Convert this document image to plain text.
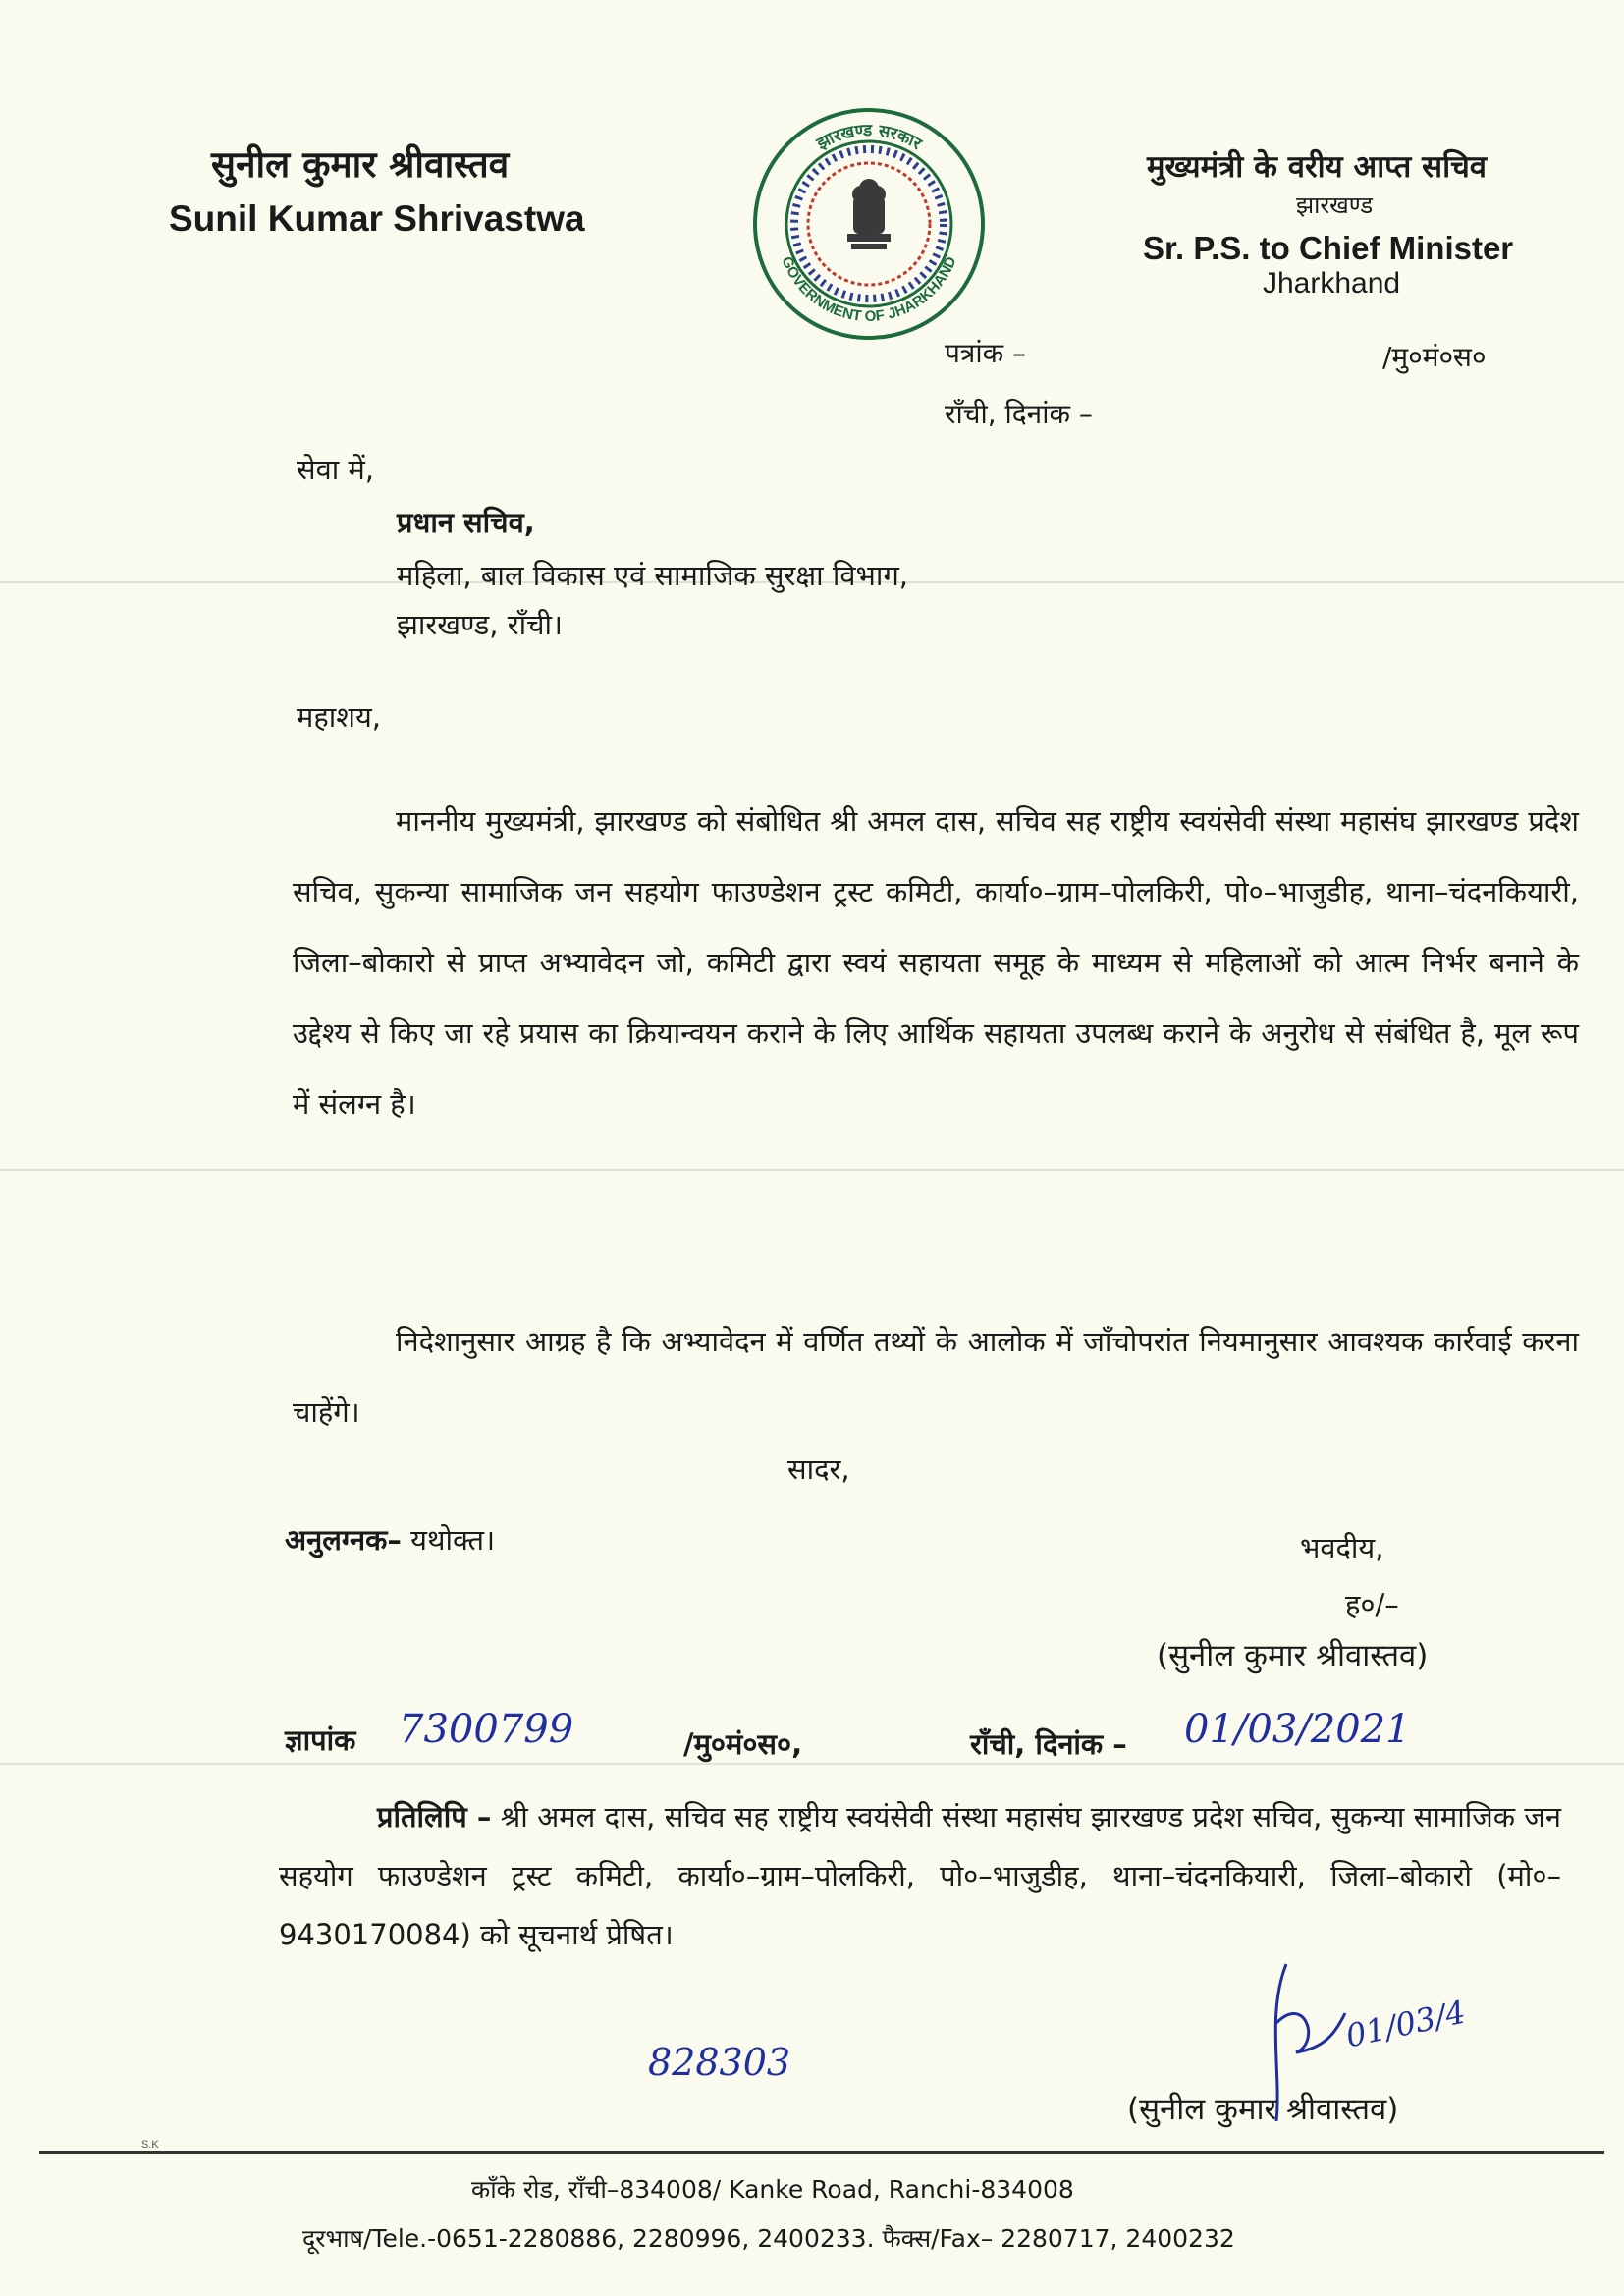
सुनील कुमार श्रीवास्तव
Sunil Kumar Shrivastwa
झारखण्ड सरकार
GOVERNMENT OF JHARKHAND
मुख्यमंत्री के वरीय आप्त सचिव
झारखण्ड
Sr. P.S. to Chief Minister
Jharkhand
पत्रांक –	/मु०मं०स०
राँची, दिनांक –
सेवा में,
प्रधान सचिव,
महिला, बाल विकास एवं सामाजिक सुरक्षा विभाग,
झारखण्ड, राँची।
महाशय,

माननीय मुख्यमंत्री, झारखण्ड को संबोधित श्री अमल दास, सचिव सह राष्ट्रीय स्वयंसेवी संस्था महासंघ झारखण्ड प्रदेश सचिव, सुकन्या सामाजिक जन सहयोग फाउण्डेशन ट्रस्ट कमिटी, कार्या०–ग्राम–पोलकिरी, पो०–भाजुडीह, थाना–चंदनकियारी, जिला–बोकारो से प्राप्त अभ्यावेदन जो, कमिटी द्वारा स्वयं सहायता समूह के माध्यम से महिलाओं को आत्म निर्भर बनाने के उद्देश्य से किए जा रहे प्रयास का क्रियान्वयन कराने के लिए आर्थिक सहायता उपलब्ध कराने के अनुरोध से संबंधित है, मूल रूप में संलग्न है।

निदेशानुसार आग्रह है कि अभ्यावेदन में वर्णित तथ्यों के आलोक में जाँचोपरांत नियमानुसार आवश्यक कार्रवाई करना चाहेंगे।

सादर,
अनुलग्नक– यथोक्त।	भवदीय,
ह०/–
(सुनील कुमार श्रीवास्तव)
ज्ञापांक 7300799	/मु०मं०स०,	राँची, दिनांक – 01/03/2021
प्रतिलिपि – श्री अमल दास, सचिव सह राष्ट्रीय स्वयंसेवी संस्था महासंघ झारखण्ड प्रदेश सचिव, सुकन्या सामाजिक जन सहयोग फाउण्डेशन ट्रस्ट कमिटी, कार्या०–ग्राम–पोलकिरी, पो०–भाजुडीह, थाना–चंदनकियारी, जिला–बोकारो (मो०–9430170084) को सूचनार्थ प्रेषित।
828303
01/03/4
(सुनील कुमार श्रीवास्तव)
S.K
काँके रोड, राँची–834008/ Kanke Road, Ranchi-834008
दूरभाष/Tele.-0651-2280886, 2280996, 2400233. फैक्स/Fax– 2280717, 2400232
